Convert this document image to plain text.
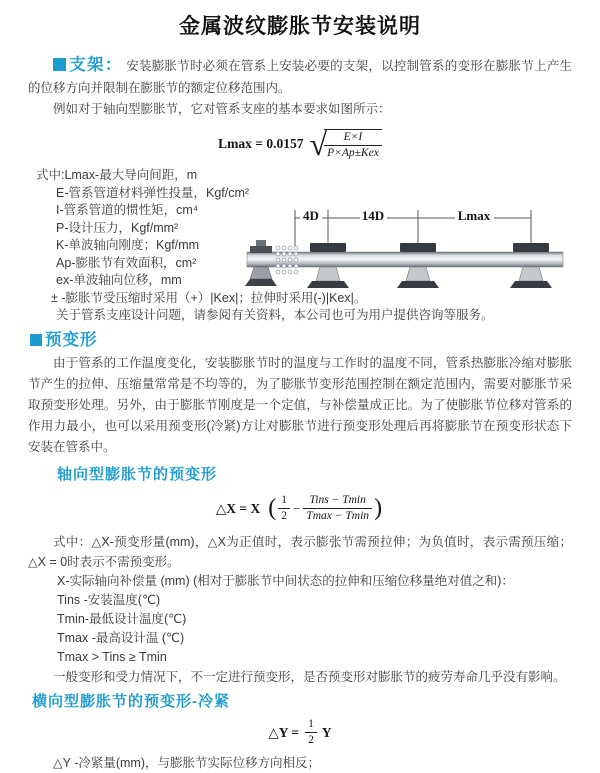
金属波纹膨胀节安装说明

支架： 安装膨胀节时必须在管系上安装必要的支架，以控制管系的变形在膨胀节上产生的位移方向并限制在膨胀节的额定位移范围内。

例如对于轴向型膨胀节，它对管系支座的基本要求如图所示：

Lmax = 0.0157 √
$\frac{E\times I}{\text{P×Ap±Kex}}$
式中:Lmax-最大导向间距，m
E-管系管道材料弹性投量，Kgf/cm²
I-管系管道的惯性矩，cm⁴
P-设计压力，Kgf/mm²
K-单波轴向刚度；Kgf/mm
Ap-膨胀节有效面积，cm²
ex-单波轴向位移，mm
± -膨胀节受压缩时采用（+）|Kex|；拉伸时采用(-)|Kex|。
关于管系支座设计问题，请参阅有关资料，本公司也可为用户提供咨询等服务。
4D	14D	Lmax
预变形

由于管系的工作温度变化，安装膨胀节时的温度与工作时的温度不同，管系热膨胀冷缩对膨胀节产生的拉伸、压缩量常常是不均等的，为了膨胀节变形范围控制在额定范围内，需要对膨胀节采取预变形处理。另外，由于膨胀节刚度是一个定值，与补偿量成正比。为了使膨胀节位移对管系的作用力最小，也可以采用预变形(冷紧)方让对膨胀节进行预变形处理后再将膨胀节在预变形状态下安装在管系中。

轴向型膨胀节的预变形
△X = X ( $\frac{1}{2} - \frac{\text{Tins − Tmin}}{Tmax - Tmin}$ )

式中：△X-预变形量(mm)，△X为正值时，表示膨张节需预拉伸；为负值时，表示需预压缩；△X = 0时表示不需预变形。

X-实际轴向补偿量 (mm) (相对于膨胀节中间状态的拉伸和压缩位移量绝对值之和)：
Tins -安装温度(℃)
Tmin-最低设计温度(℃)
Tmax -最高设计温 (℃)
Tmax > Tins ≥ Tmin

一般变形和受力情况下，不一定进行预变形，是否预变形对膨胀节的疲劳寿命几乎没有影响。

横向型膨胀节的预变形-冷紧
△Y = $\frac{1}{2}$ Y

△Y -冷紧量(mm)，与膨胀节实际位移方向相反；
